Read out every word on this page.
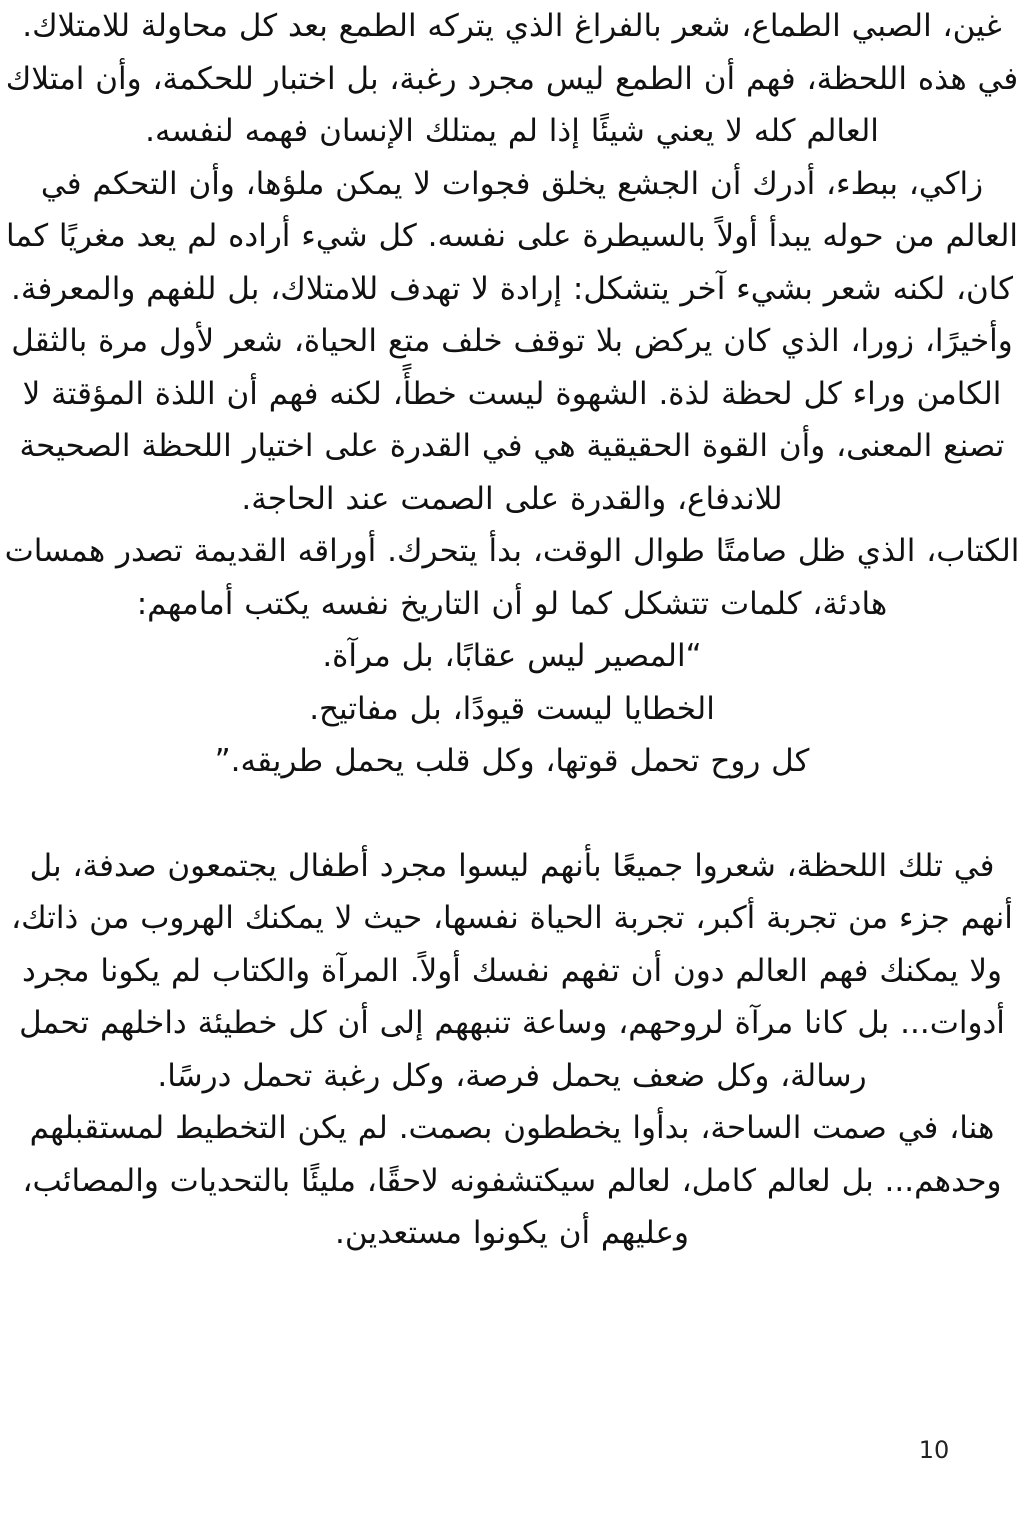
غين، الصبي الطماع، شعر بالفراغ الذي يتركه الطمع بعد كل محاولة للامتلاك. في هذه اللحظة، فهم أن الطمع ليس مجرد رغبة، بل اختبار للحكمة، وأن امتلاك العالم كله لا يعني شيئًا إذا لم يمتلك الإنسان فهمه لنفسه.

زاكي، ببطء، أدرك أن الجشع يخلق فجوات لا يمكن ملؤها، وأن التحكم في العالم من حوله يبدأ أولاً بالسيطرة على نفسه. كل شيء أراده لم يعد مغريًا كما كان، لكنه شعر بشيء آخر يتشكل: إرادة لا تهدف للامتلاك، بل للفهم والمعرفة.

وأخيرًا، زورا، الذي كان يركض بلا توقف خلف متع الحياة، شعر لأول مرة بالثقل الكامن وراء كل لحظة لذة. الشهوة ليست خطأً، لكنه فهم أن اللذة المؤقتة لا تصنع المعنى، وأن القوة الحقيقية هي في القدرة على اختيار اللحظة الصحيحة للاندفاع، والقدرة على الصمت عند الحاجة.

الكتاب، الذي ظل صامتًا طوال الوقت، بدأ يتحرك. أوراقه القديمة تصدر همسات هادئة، كلمات تتشكل كما لو أن التاريخ نفسه يكتب أمامهم:

“المصير ليس عقابًا، بل مرآة.

الخطايا ليست قيودًا، بل مفاتيح.

كل روح تحمل قوتها، وكل قلب يحمل طريقه.”

في تلك اللحظة، شعروا جميعًا بأنهم ليسوا مجرد أطفال يجتمعون صدفة، بل أنهم جزء من تجربة أكبر، تجربة الحياة نفسها، حيث لا يمكنك الهروب من ذاتك، ولا يمكنك فهم العالم دون أن تفهم نفسك أولاً. المرآة والكتاب لم يكونا مجرد أدوات... بل كانا مرآة لروحهم، وساعة تنبههم إلى أن كل خطيئة داخلهم تحمل رسالة، وكل ضعف يحمل فرصة، وكل رغبة تحمل درسًا.

هنا، في صمت الساحة، بدأوا يخططون بصمت. لم يكن التخطيط لمستقبلهم وحدهم... بل لعالم كامل، لعالم سيكتشفونه لاحقًا، مليئًا بالتحديات والمصائب، وعليهم أن يكونوا مستعدين.

10
